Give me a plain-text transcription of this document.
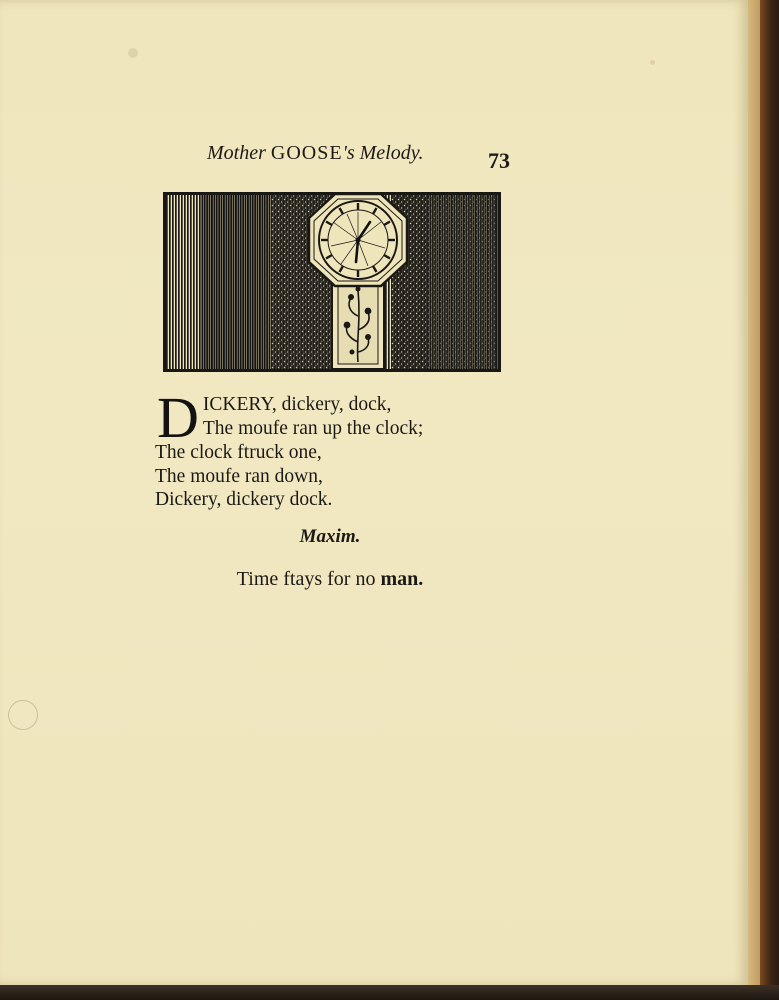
Mother GOOSE's Melody.	73
D ICKERY, dickery, dock,
The moufe ran up the clock;
The clock ftruck one,
The moufe ran down,
Dickery, dickery dock.
Maxim.
Time ftays for no man.
